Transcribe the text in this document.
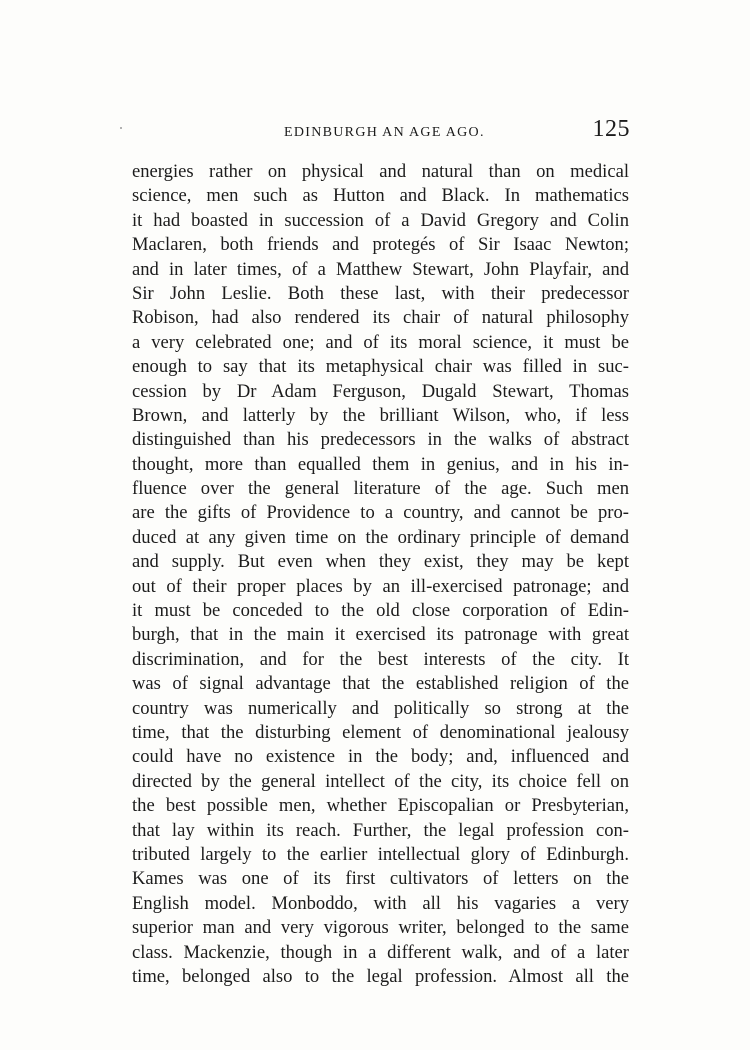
EDINBURGH AN AGE AGO.	125
energies rather on physical and natural than on medical
science, men such as Hutton and Black. In mathematics
it had boasted in succession of a David Gregory and Colin
Maclaren, both friends and protegés of Sir Isaac Newton;
and in later times, of a Matthew Stewart, John Playfair, and
Sir John Leslie. Both these last, with their predecessor
Robison, had also rendered its chair of natural philosophy
a very celebrated one; and of its moral science, it must be
enough to say that its metaphysical chair was filled in suc-
cession by Dr Adam Ferguson, Dugald Stewart, Thomas
Brown, and latterly by the brilliant Wilson, who, if less
distinguished than his predecessors in the walks of abstract
thought, more than equalled them in genius, and in his in-
fluence over the general literature of the age. Such men
are the gifts of Providence to a country, and cannot be pro-
duced at any given time on the ordinary principle of demand
and supply. But even when they exist, they may be kept
out of their proper places by an ill-exercised patronage; and
it must be conceded to the old close corporation of Edin-
burgh, that in the main it exercised its patronage with great
discrimination, and for the best interests of the city. It
was of signal advantage that the established religion of the
country was numerically and politically so strong at the
time, that the disturbing element of denominational jealousy
could have no existence in the body; and, influenced and
directed by the general intellect of the city, its choice fell on
the best possible men, whether Episcopalian or Presbyterian,
that lay within its reach. Further, the legal profession con-
tributed largely to the earlier intellectual glory of Edinburgh.
Kames was one of its first cultivators of letters on the
English model. Monboddo, with all his vagaries a very
superior man and very vigorous writer, belonged to the same
class. Mackenzie, though in a different walk, and of a later
time, belonged also to the legal profession. Almost all the
